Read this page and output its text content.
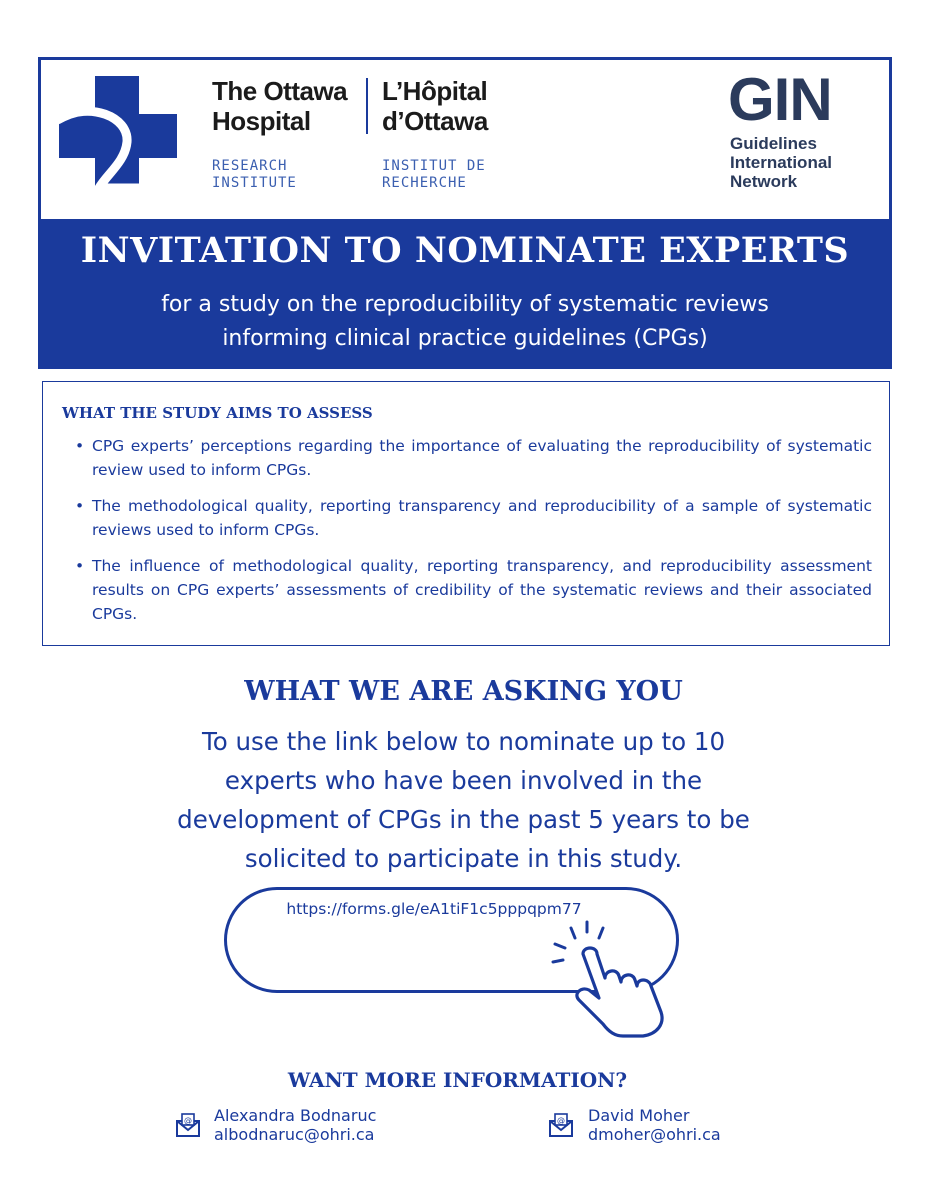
The Ottawa
Hospital
L’Hôpital
d’Ottawa
RESEARCH
INSTITUTE
INSTITUT DE
RECHERCHE
GIN
Guidelines
International
Network
INVITATION TO NOMINATE EXPERTS
for a study on the reproducibility of systematic reviews
informing clinical practice guidelines (CPGs)
WHAT THE STUDY AIMS TO ASSESS
• CPG experts’ perceptions regarding the importance of evaluating the reproducibility of systematic review used to inform CPGs.
• The methodological quality, reporting transparency and reproducibility of a sample of systematic reviews used to inform CPGs.
• The influence of methodological quality, reporting transparency, and reproducibility assessment results on CPG experts’ assessments of credibility of the systematic reviews and their associated CPGs.
WHAT WE ARE ASKING YOU
To use the link below to nominate up to 10
experts who have been involved in the
development of CPGs in the past 5 years to be
solicited to participate in this study.
https://forms.gle/eA1tiF1c5pppqpm77
WANT MORE INFORMATION?
@ Alexandra Bodnaruc
albodnaruc@ohri.ca
@ David Moher
dmoher@ohri.ca
